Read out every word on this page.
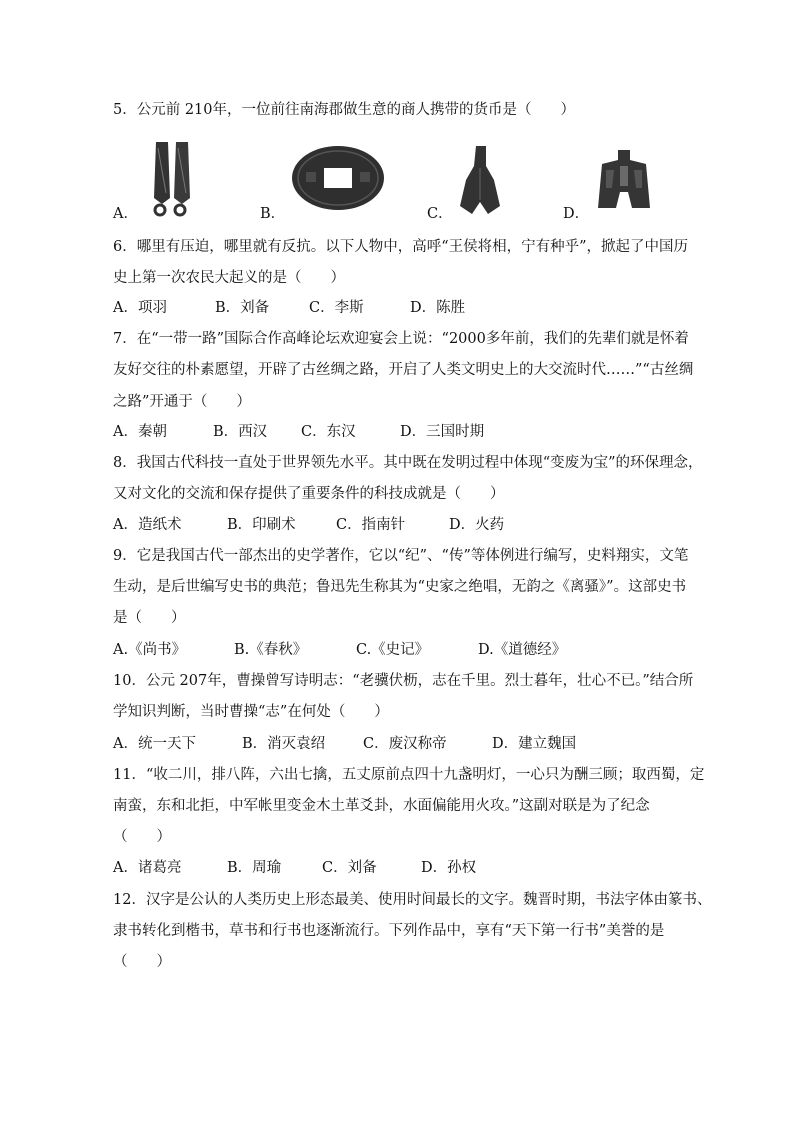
5．公元前 210年，一位前往南海郡做生意的商人携带的货币是（　　）
A．	B．	C．	D．
6．哪里有压迫，哪里就有反抗。以下人物中，高呼“王侯将相，宁有种乎”，掀起了中国历
史上第一次农民大起义的是（　　）
A．项羽	B．刘备	C．李斯	D．陈胜
7．在“一带一路”国际合作高峰论坛欢迎宴会上说：“2000多年前，我们的先辈们就是怀着
友好交往的朴素愿望，开辟了古丝绸之路，开启了人类文明史上的大交流时代……”“古丝绸
之路”开通于（　　）
A．秦朝	B．西汉 C．东汉	D．三国时期
8．我国古代科技一直处于世界领先水平。其中既在发明过程中体现“变废为宝”的环保理念，
又对文化的交流和保存提供了重要条件的科技成就是（　　）
A．造纸术	B．印刷术	C．指南针	D．火药
9．它是我国古代一部杰出的史学著作，它以“纪”、“传”等体例进行编写，史料翔实，文笔
生动，是后世编写史书的典范；鲁迅先生称其为“史家之绝唱，无韵之《离骚》”。这部史书
是（　　）
A.《尚书》	B.《春秋》	C.《史记》	D.《道德经》
10．公元 207年，曹操曾写诗明志：“老骥伏枥，志在千里。烈士暮年，壮心不已。”结合所
学知识判断，当时曹操“志”在何处（　　）
A．统一天下	B．消灭袁绍	C．废汉称帝	D．建立魏国
11．“收二川，排八阵，六出七擒，五丈原前点四十九盏明灯，一心只为酬三顾；取西蜀，定
南蛮，东和北拒，中军帐里变金木土革爻卦，水面偏能用火攻。”这副对联是为了纪念
（　　）
A．诸葛亮	B．周瑜	C．刘备	D．孙权
12．汉字是公认的人类历史上形态最美、使用时间最长的文字。魏晋时期，书法字体由篆书、
隶书转化到楷书，草书和行书也逐渐流行。下列作品中，享有“天下第一行书”美誉的是
（　　）
